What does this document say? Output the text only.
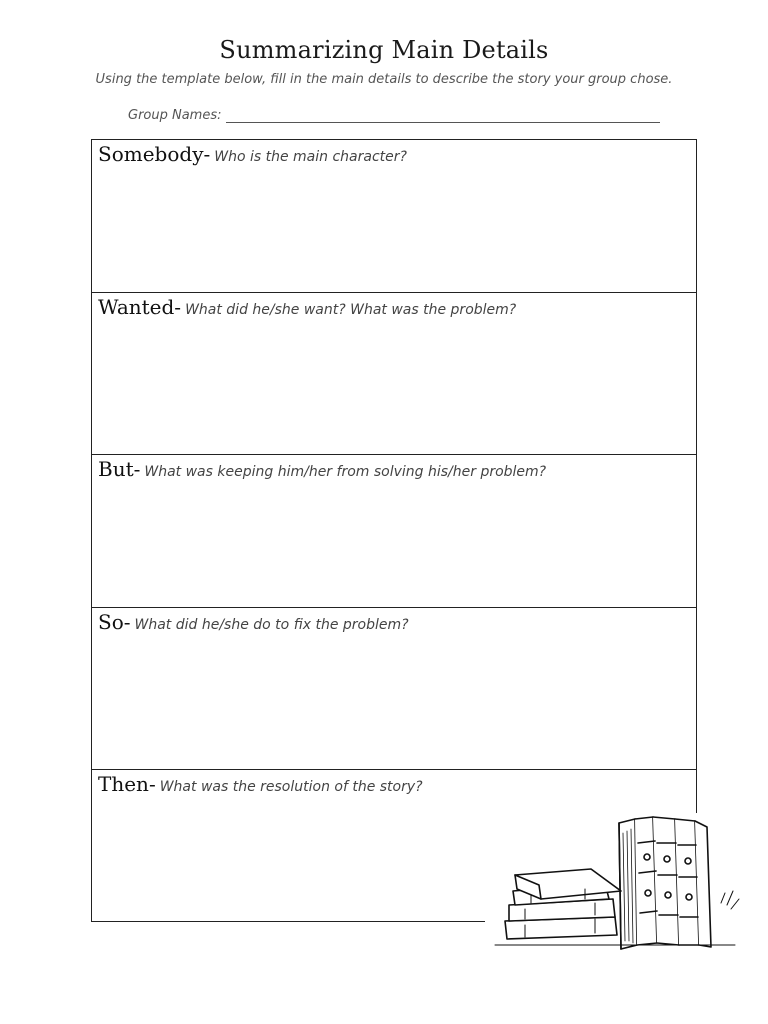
Summarizing Main Details
Using the template below, fill in the main details to describe the story your group chose.
Group Names:
Somebody- Who is the main character?
Wanted- What did he/she want? What was the problem?
But- What was keeping him/her from solving his/her problem?
So- What did he/she do to fix the problem?
Then- What was the resolution of the story?
